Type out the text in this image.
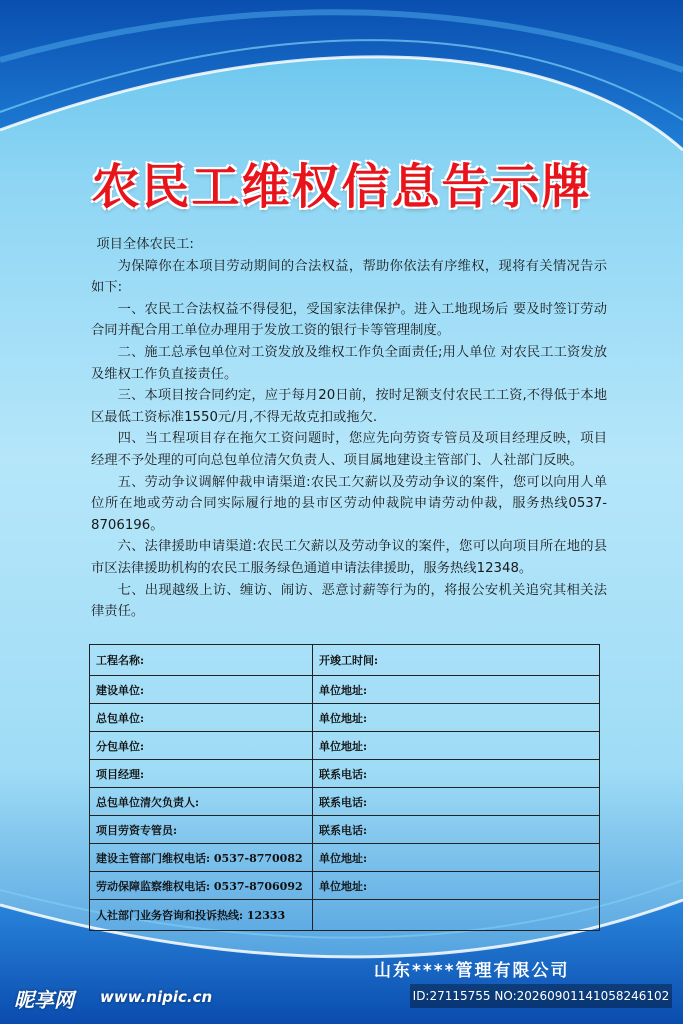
农民工维权信息告示牌

项目全体农民工:

为保障你在本项目劳动期间的合法权益，帮助你依法有序维权，现将有关情况告示如下:

一、农民工合法权益不得侵犯，受国家法律保护。进入工地现场后 要及时签订劳动合同并配合用工单位办理用于发放工资的银行卡等管理制度。

二、施工总承包单位对工资发放及维权工作负全面责任;用人单位 对农民工工资发放及维权工作负直接责任。

三、本项目按合同约定，应于每月20日前，按时足额支付农民工工资,不得低于本地区最低工资标准1550元/月,不得无故克扣或拖欠.

四、当工程项目存在拖欠工资问题时，您应先向劳资专管员及项目经理反映，项目经理不予处理的可向总包单位清欠负责人、项目属地建设主管部门、人社部门反映。

五、劳动争议调解仲裁申请渠道:农民工欠薪以及劳动争议的案件，您可以向用人单位所在地或劳动合同实际履行地的县市区劳动仲裁院申请劳动仲裁，服务热线0537-8706196。

六、法律援助申请渠道:农民工欠薪以及劳动争议的案件，您可以向项目所在地的县市区法律援助机构的农民工服务绿色通道申请法律援助，服务热线12348。

七、出现越级上访、缠访、闹访、恶意讨薪等行为的，将报公安机关追究其相关法律责任。

工程名称:	开竣工时间:
建设单位:	单位地址:
总包单位:	单位地址:
分包单位:	单位地址:
项目经理:	联系电话:
总包单位清欠负责人:	联系电话:
项目劳资专管员:	联系电话:
建设主管部门维权电话: 0537-8770082	单位地址:
劳动保障监察维权电话: 0537-8706092	单位地址:
人社部门业务咨询和投诉热线: 12333	
山东****管理有限公司
昵享网 www.nipic.cn	ID:27115755 NO:20260901141058246102
